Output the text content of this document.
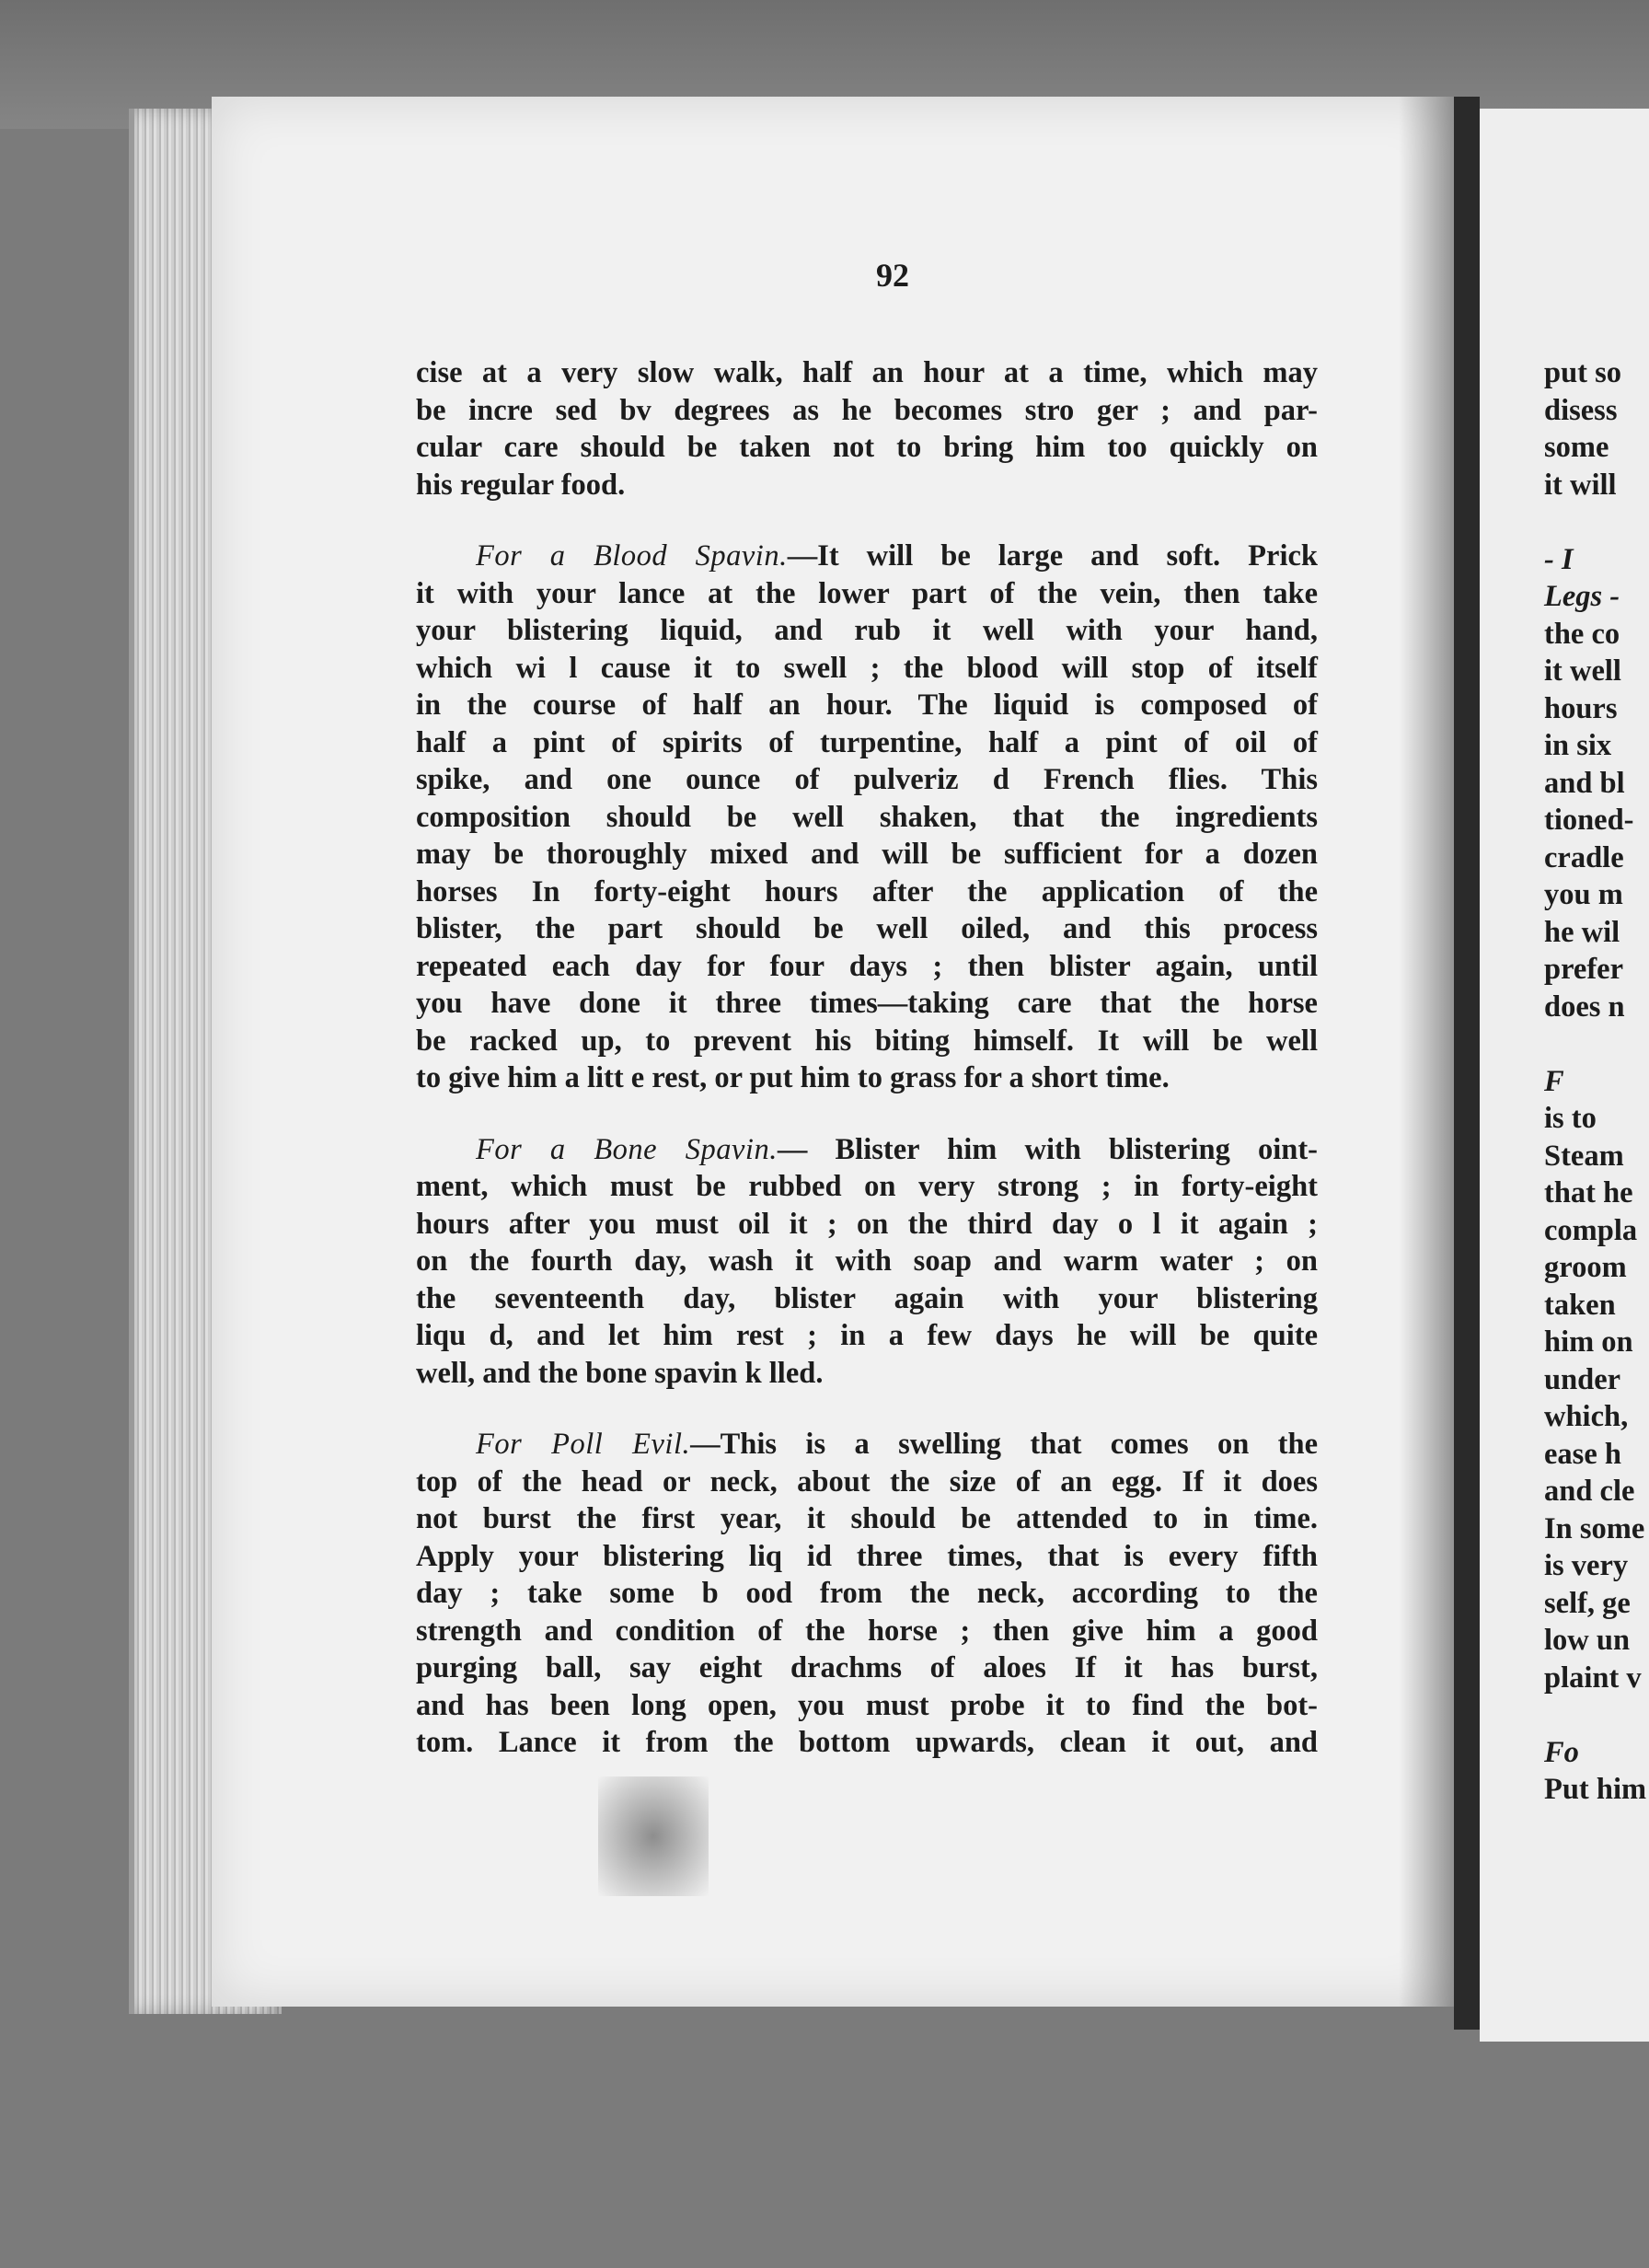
92
cise at a very slow walk, half an hour at a time, which may
be incre sed bv degrees as he becomes stro ger ; and par-
cular care should be taken not to bring him too quickly on
his regular food.
  For a Blood Spavin.—It will be large and soft. Prick
it with your lance at the lower part of the vein, then take
your blistering liquid, and rub it well with your hand,
which wi l cause it to swell ; the blood will stop of itself
in the course of half an hour. The liquid is composed of
half a pint of spirits of turpentine, half a pint of oil of
spike, and one ounce of pulveriz d French flies. This
composition should be well shaken, that the ingredients
may be thoroughly mixed and will be sufficient for a dozen
horses In forty-eight hours after the application of the
blister, the part should be well oiled, and this process
repeated each day for four days ; then blister again, until
you have done it three times—taking care that the horse
be racked up, to prevent his biting himself. It will be well
to give him a litt e rest, or put him to grass for a short time.
  For a Bone Spavin.— Blister him with blistering oint-
ment, which must be rubbed on very strong ; in forty-eight
hours after you must oil it ; on the third day o l it again ;
on the fourth day, wash it with soap and warm water ; on
the seventeenth day, blister again with your blistering
liqu d, and let him rest ; in a few days he will be quite
well, and the bone spavin k lled.
  For Poll Evil.—This is a swelling that comes on the
top of the head or neck, about the size of an egg. If it does
not burst the first year, it should be attended to in time.
Apply your blistering liq id three times, that is every fifth
day ; take some b ood from the neck, according to the
strength and condition of the horse ; then give him a good
purging ball, say eight drachms of aloes If it has burst,
and has been long open, you must probe it to find the bot-
tom. Lance it from the bottom upwards, clean it out, and
put so
disess
some
it will
- I
Legs -
the co
it well
hours
in six
and bl
tioned-
cradle
you m
he wil
prefer
does n
F
is to
Steam
that he
compla
groom
taken
him on
under
which,
ease h
and cle
In some
is very
self, ge
low un
plaint v
Fo
Put him
